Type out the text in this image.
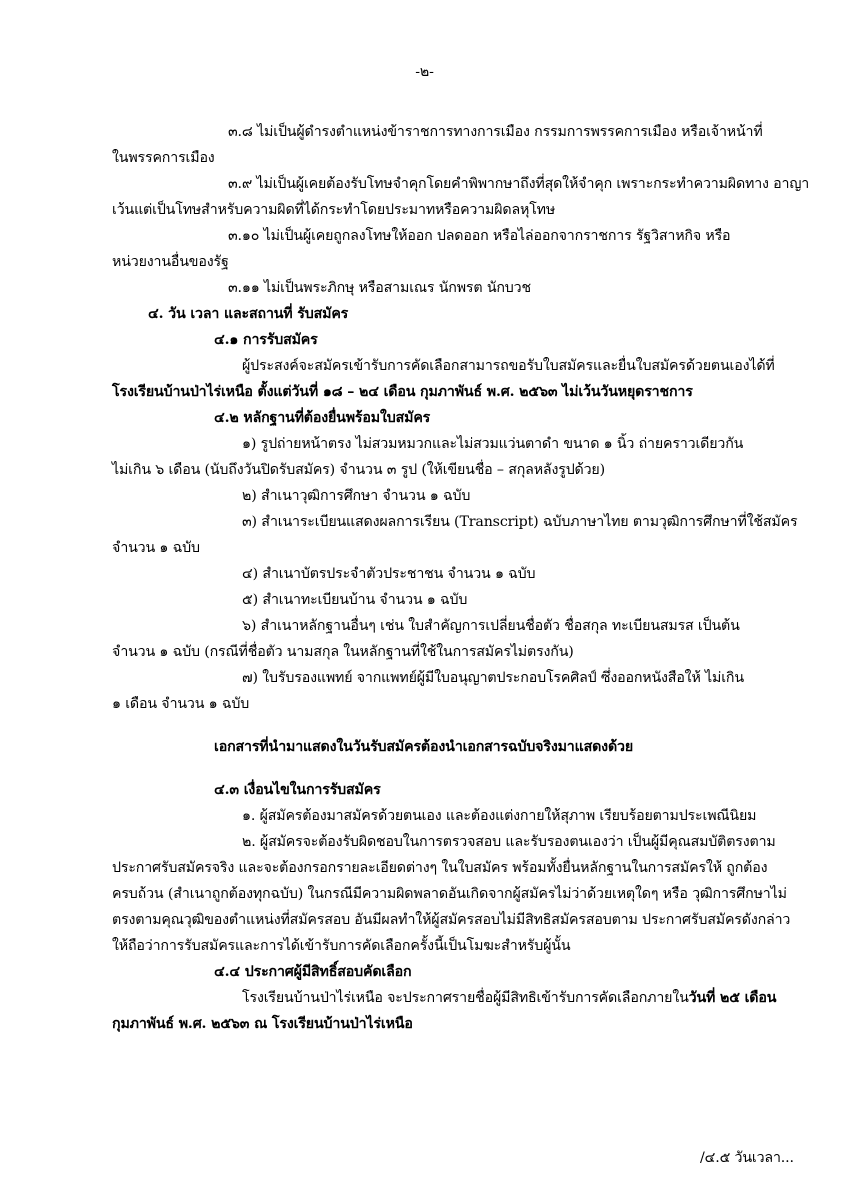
-๒-
๓.๘ ไม่เป็นผู้ดำรงตำแหน่งข้าราชการทางการเมือง กรรมการพรรคการเมือง หรือเจ้าหน้าที่
ในพรรคการเมือง
๓.๙ ไม่เป็นผู้เคยต้องรับโทษจำคุกโดยคำพิพากษาถึงที่สุดให้จำคุก เพราะกระทำความผิดทาง อาญา
เว้นแต่เป็นโทษสำหรับความผิดที่ได้กระทำโดยประมาทหรือความผิดลหุโทษ
๓.๑๐ ไม่เป็นผู้เคยถูกลงโทษให้ออก ปลดออก หรือไล่ออกจากราชการ รัฐวิสาหกิจ หรือ
หน่วยงานอื่นของรัฐ
๓.๑๑ ไม่เป็นพระภิกษุ หรือสามเณร นักพรต นักบวช
๔. วัน เวลา และสถานที่ รับสมัคร
๔.๑ การรับสมัคร
ผู้ประสงค์จะสมัครเข้ารับการคัดเลือกสามารถขอรับใบสมัครและยื่นใบสมัครด้วยตนเองได้ที่
โรงเรียนบ้านป่าไร่เหนือ ตั้งแต่วันที่ ๑๘ – ๒๔ เดือน กุมภาพันธ์ พ.ศ. ๒๕๖๓ ไม่เว้นวันหยุดราชการ
๔.๒ หลักฐานที่ต้องยื่นพร้อมใบสมัคร
๑) รูปถ่ายหน้าตรง ไม่สวมหมวกและไม่สวมแว่นตาดำ ขนาด ๑ นิ้ว ถ่ายคราวเดียวกัน
ไม่เกิน ๖ เดือน (นับถึงวันปิดรับสมัคร) จำนวน ๓ รูป (ให้เขียนชื่อ – สกุลหลังรูปด้วย)
๒) สำเนาวุฒิการศึกษา จำนวน ๑ ฉบับ
๓) สำเนาระเบียนแสดงผลการเรียน (Transcript) ฉบับภาษาไทย ตามวุฒิการศึกษาที่ใช้สมัคร
จำนวน ๑ ฉบับ
๔) สำเนาบัตรประจำตัวประชาชน จำนวน ๑ ฉบับ
๕) สำเนาทะเบียนบ้าน จำนวน ๑ ฉบับ
๖) สำเนาหลักฐานอื่นๆ เช่น ใบสำคัญการเปลี่ยนชื่อตัว ชื่อสกุล ทะเบียนสมรส เป็นต้น
จำนวน ๑ ฉบับ (กรณีที่ชื่อตัว นามสกุล ในหลักฐานที่ใช้ในการสมัครไม่ตรงกัน)
๗) ใบรับรองแพทย์ จากแพทย์ผู้มีใบอนุญาตประกอบโรคศิลป์ ซึ่งออกหนังสือให้ ไม่เกิน
๑ เดือน จำนวน ๑ ฉบับ
เอกสารที่นำมาแสดงในวันรับสมัครต้องนำเอกสารฉบับจริงมาแสดงด้วย
๔.๓ เงื่อนไขในการรับสมัคร
๑. ผู้สมัครต้องมาสมัครด้วยตนเอง และต้องแต่งกายให้สุภาพ เรียบร้อยตามประเพณีนิยม
๒. ผู้สมัครจะต้องรับผิดชอบในการตรวจสอบ และรับรองตนเองว่า เป็นผู้มีคุณสมบัติตรงตาม
ประกาศรับสมัครจริง และจะต้องกรอกรายละเอียดต่างๆ ในใบสมัคร พร้อมทั้งยื่นหลักฐานในการสมัครให้ ถูกต้อง
ครบถ้วน (สำเนาถูกต้องทุกฉบับ) ในกรณีมีความผิดพลาดอันเกิดจากผู้สมัครไม่ว่าด้วยเหตุใดๆ หรือ วุฒิการศึกษาไม่
ตรงตามคุณวุฒิของตำแหน่งที่สมัครสอบ อันมีผลทำให้ผู้สมัครสอบไม่มีสิทธิสมัครสอบตาม ประกาศรับสมัครดังกล่าว
ให้ถือว่าการรับสมัครและการได้เข้ารับการคัดเลือกครั้งนี้เป็นโมฆะสำหรับผู้นั้น
๔.๔ ประกาศผู้มีสิทธิ์สอบคัดเลือก
โรงเรียนบ้านป่าไร่เหนือ จะประกาศรายชื่อผู้มีสิทธิเข้ารับการคัดเลือกภายในวันที่ ๒๕ เดือน
กุมภาพันธ์ พ.ศ. ๒๕๖๓ ณ โรงเรียนบ้านป่าไร่เหนือ
/๔.๕ วันเวลา...
